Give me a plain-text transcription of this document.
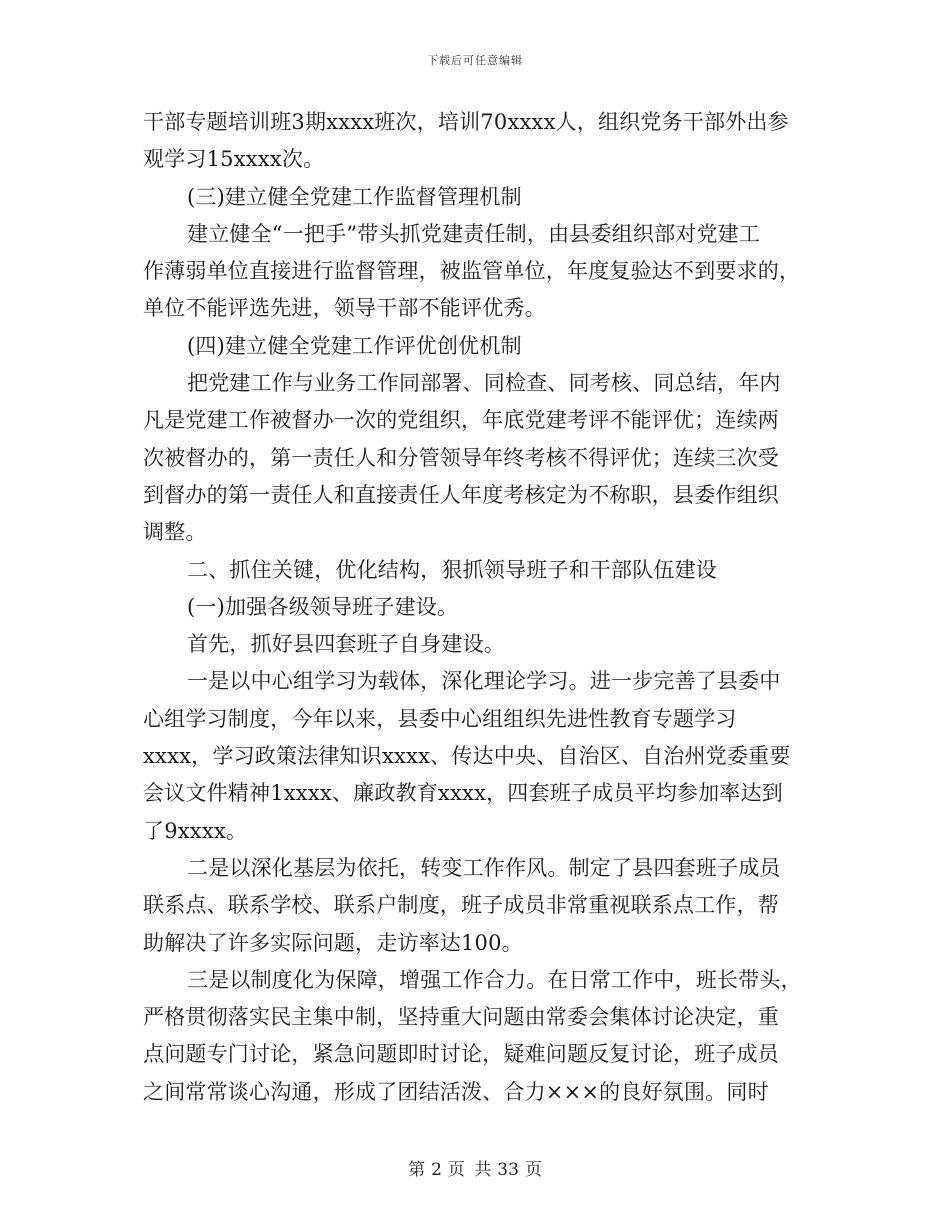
下载后可任意编辑
干部专题培训班3期xxxx班次，培训70xxxx人，组织党务干部外出参
观学习15xxxx次。
(三)建立健全党建工作监督管理机制
建立健全“一把手”带头抓党建责任制，由县委组织部对党建工
作薄弱单位直接进行监督管理，被监管单位，年度复验达不到要求的，
单位不能评选先进，领导干部不能评优秀。
(四)建立健全党建工作评优创优机制
把党建工作与业务工作同部署、同检查、同考核、同总结，年内
凡是党建工作被督办一次的党组织，年底党建考评不能评优；连续两
次被督办的，第一责任人和分管领导年终考核不得评优；连续三次受
到督办的第一责任人和直接责任人年度考核定为不称职，县委作组织
调整。
二、抓住关键，优化结构，狠抓领导班子和干部队伍建设
(一)加强各级领导班子建设。
首先，抓好县四套班子自身建设。
一是以中心组学习为载体，深化理论学习。进一步完善了县委中
心组学习制度，今年以来，县委中心组组织先进性教育专题学习
xxxx，学习政策法律知识xxxx、传达中央、自治区、自治州党委重要
会议文件精神1xxxx、廉政教育xxxx，四套班子成员平均参加率达到
了9xxxx。
二是以深化基层为依托，转变工作作风。制定了县四套班子成员
联系点、联系学校、联系户制度，班子成员非常重视联系点工作，帮
助解决了许多实际问题，走访率达100。
三是以制度化为保障，增强工作合力。在日常工作中，班长带头，
严格贯彻落实民主集中制，坚持重大问题由常委会集体讨论决定，重
点问题专门讨论，紧急问题即时讨论，疑难问题反复讨论，班子成员
之间常常谈心沟通，形成了团结活泼、合力×××的良好氛围。同时
第 2 页 共 33 页
